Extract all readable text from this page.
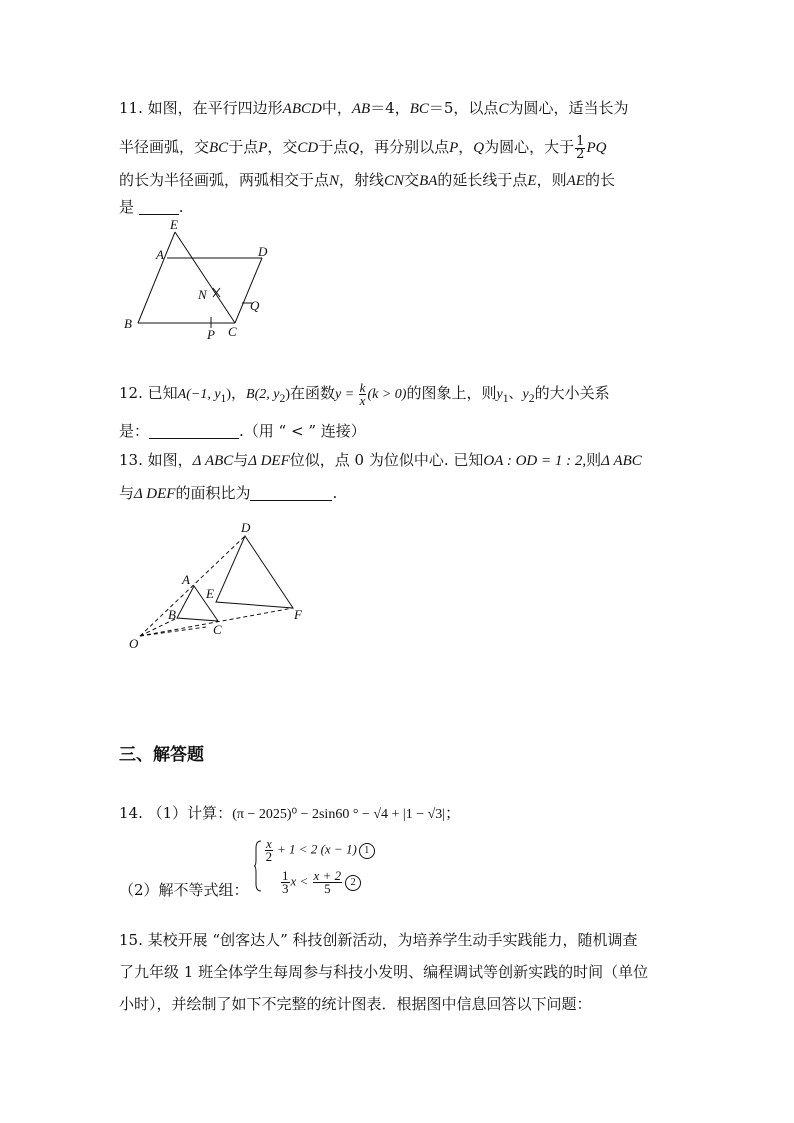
11. 如图，在平行四边形ABCD中，AB＝4，BC＝5，以点C为圆心，适当长为
半径画弧，交BC于点P，交CD于点Q，再分别以点P，Q为圆心，大于 $\frac{1}{2}$ PQ
的长为半径画弧，两弧相交于点N，射线CN交BA的延长线于点E，则AE的长
是	.
E
A	D
N
Q
B
P C
12. 已知A(−1, $y_1$)，B(2, $y_2$)在函数$y = \frac{k}{x} (k > 0)$的图象上，则$y_1$、$y_2$的大小关系
是：	.（用 “ < ” 连接）
13. 如图，Δ ABC与Δ DEF位似，点 0 为位似中心. 已知OA : OD = 1 : 2,则Δ ABC
与Δ DEF的面积比为	.
D
A
E
B
C
F
O
三、解答题
14. （1）计算：(π − 2025)⁰ − 2sin60 ° − √4 + |1 − √3|；
$\frac{x}{2} + 1 < 2$ (x − 1) 1
$\frac{1}{3}$ $x < \frac{x + 2}{5} 2$
（2）解不等式组：
15. 某校开展 “创客达人” 科技创新活动，为培养学生动手实践能力，随机调查
了九年级 1 班全体学生每周参与科技小发明、编程调试等创新实践的时间（单位
小时），并绘制了如下不完整的统计图表．根据图中信息回答以下问题：
